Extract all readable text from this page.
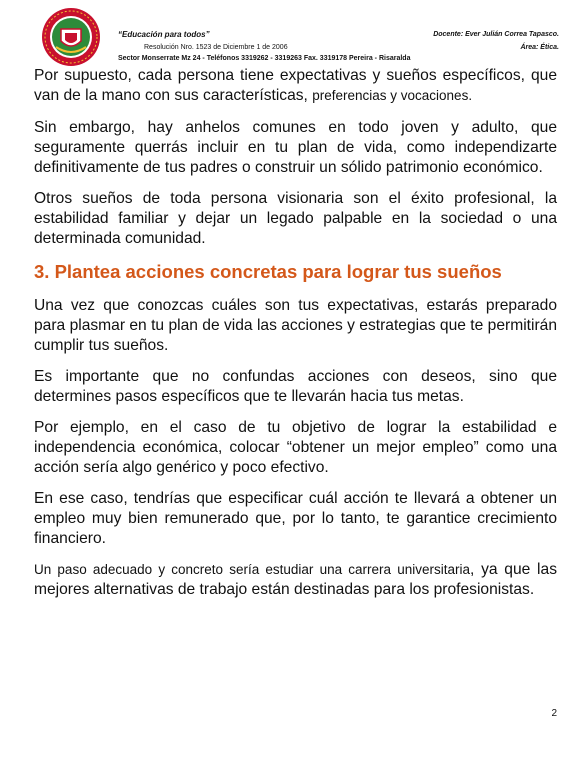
“Educación para todos”
Resolución Nro. 1523 de Diciembre 1 de 2006
Sector Monserrate Mz 24 - Teléfonos 3319262 - 3319263 Fax. 3319178 Pereira - Risaralda
Docente: Ever Julián Correa Tapasco.
Área: Ética.

Por supuesto, cada persona tiene expectativas y sueños específicos, que van de la mano con sus características, preferencias y vocaciones.

Sin embargo, hay anhelos comunes en todo joven y adulto, que seguramente querrás incluir en tu plan de vida, como independizarte definitivamente de tus padres o construir un sólido patrimonio económico.

Otros sueños de toda persona visionaria son el éxito profesional, la estabilidad familiar y dejar un legado palpable en la sociedad o una determinada comunidad.

3. Plantea acciones concretas para lograr tus sueños

Una vez que conozcas cuáles son tus expectativas, estarás preparado para plasmar en tu plan de vida las acciones y estrategias que te permitirán cumplir tus sueños.

Es importante que no confundas acciones con deseos, sino que determines pasos específicos que te llevarán hacia tus metas.

Por ejemplo, en el caso de tu objetivo de lograr la estabilidad e independencia económica, colocar “obtener un mejor empleo” como una acción sería algo genérico y poco efectivo.

En ese caso, tendrías que especificar cuál acción te llevará a obtener un empleo muy bien remunerado que, por lo tanto, te garantice crecimiento financiero.

Un paso adecuado y concreto sería estudiar una carrera universitaria, ya que las mejores alternativas de trabajo están destinadas para los profesionistas.

2
